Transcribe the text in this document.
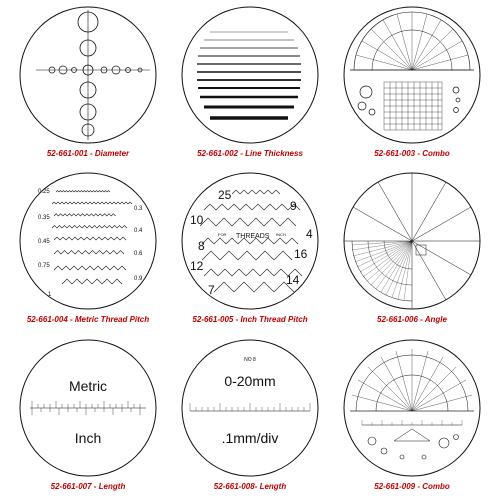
52-661-001 - Diameter	52-661-002 - Line Thickness	52-661-003 - Combo
0.25
0.3
0.35
0.4
0.45
0.6
0.75
0.9
1
52-661-004 - Metric Thread Pitch
25
9
10
4
8
16
12
14
7
FOR THREADS INCH
52-661-005 - Inch Thread Pitch	52-661-006 - Angle
Metric
Inch
52-661-007 - Length
NO 8
0-20mm
.1mm/div
52-661-008- Length	52-661-009 - Combo
